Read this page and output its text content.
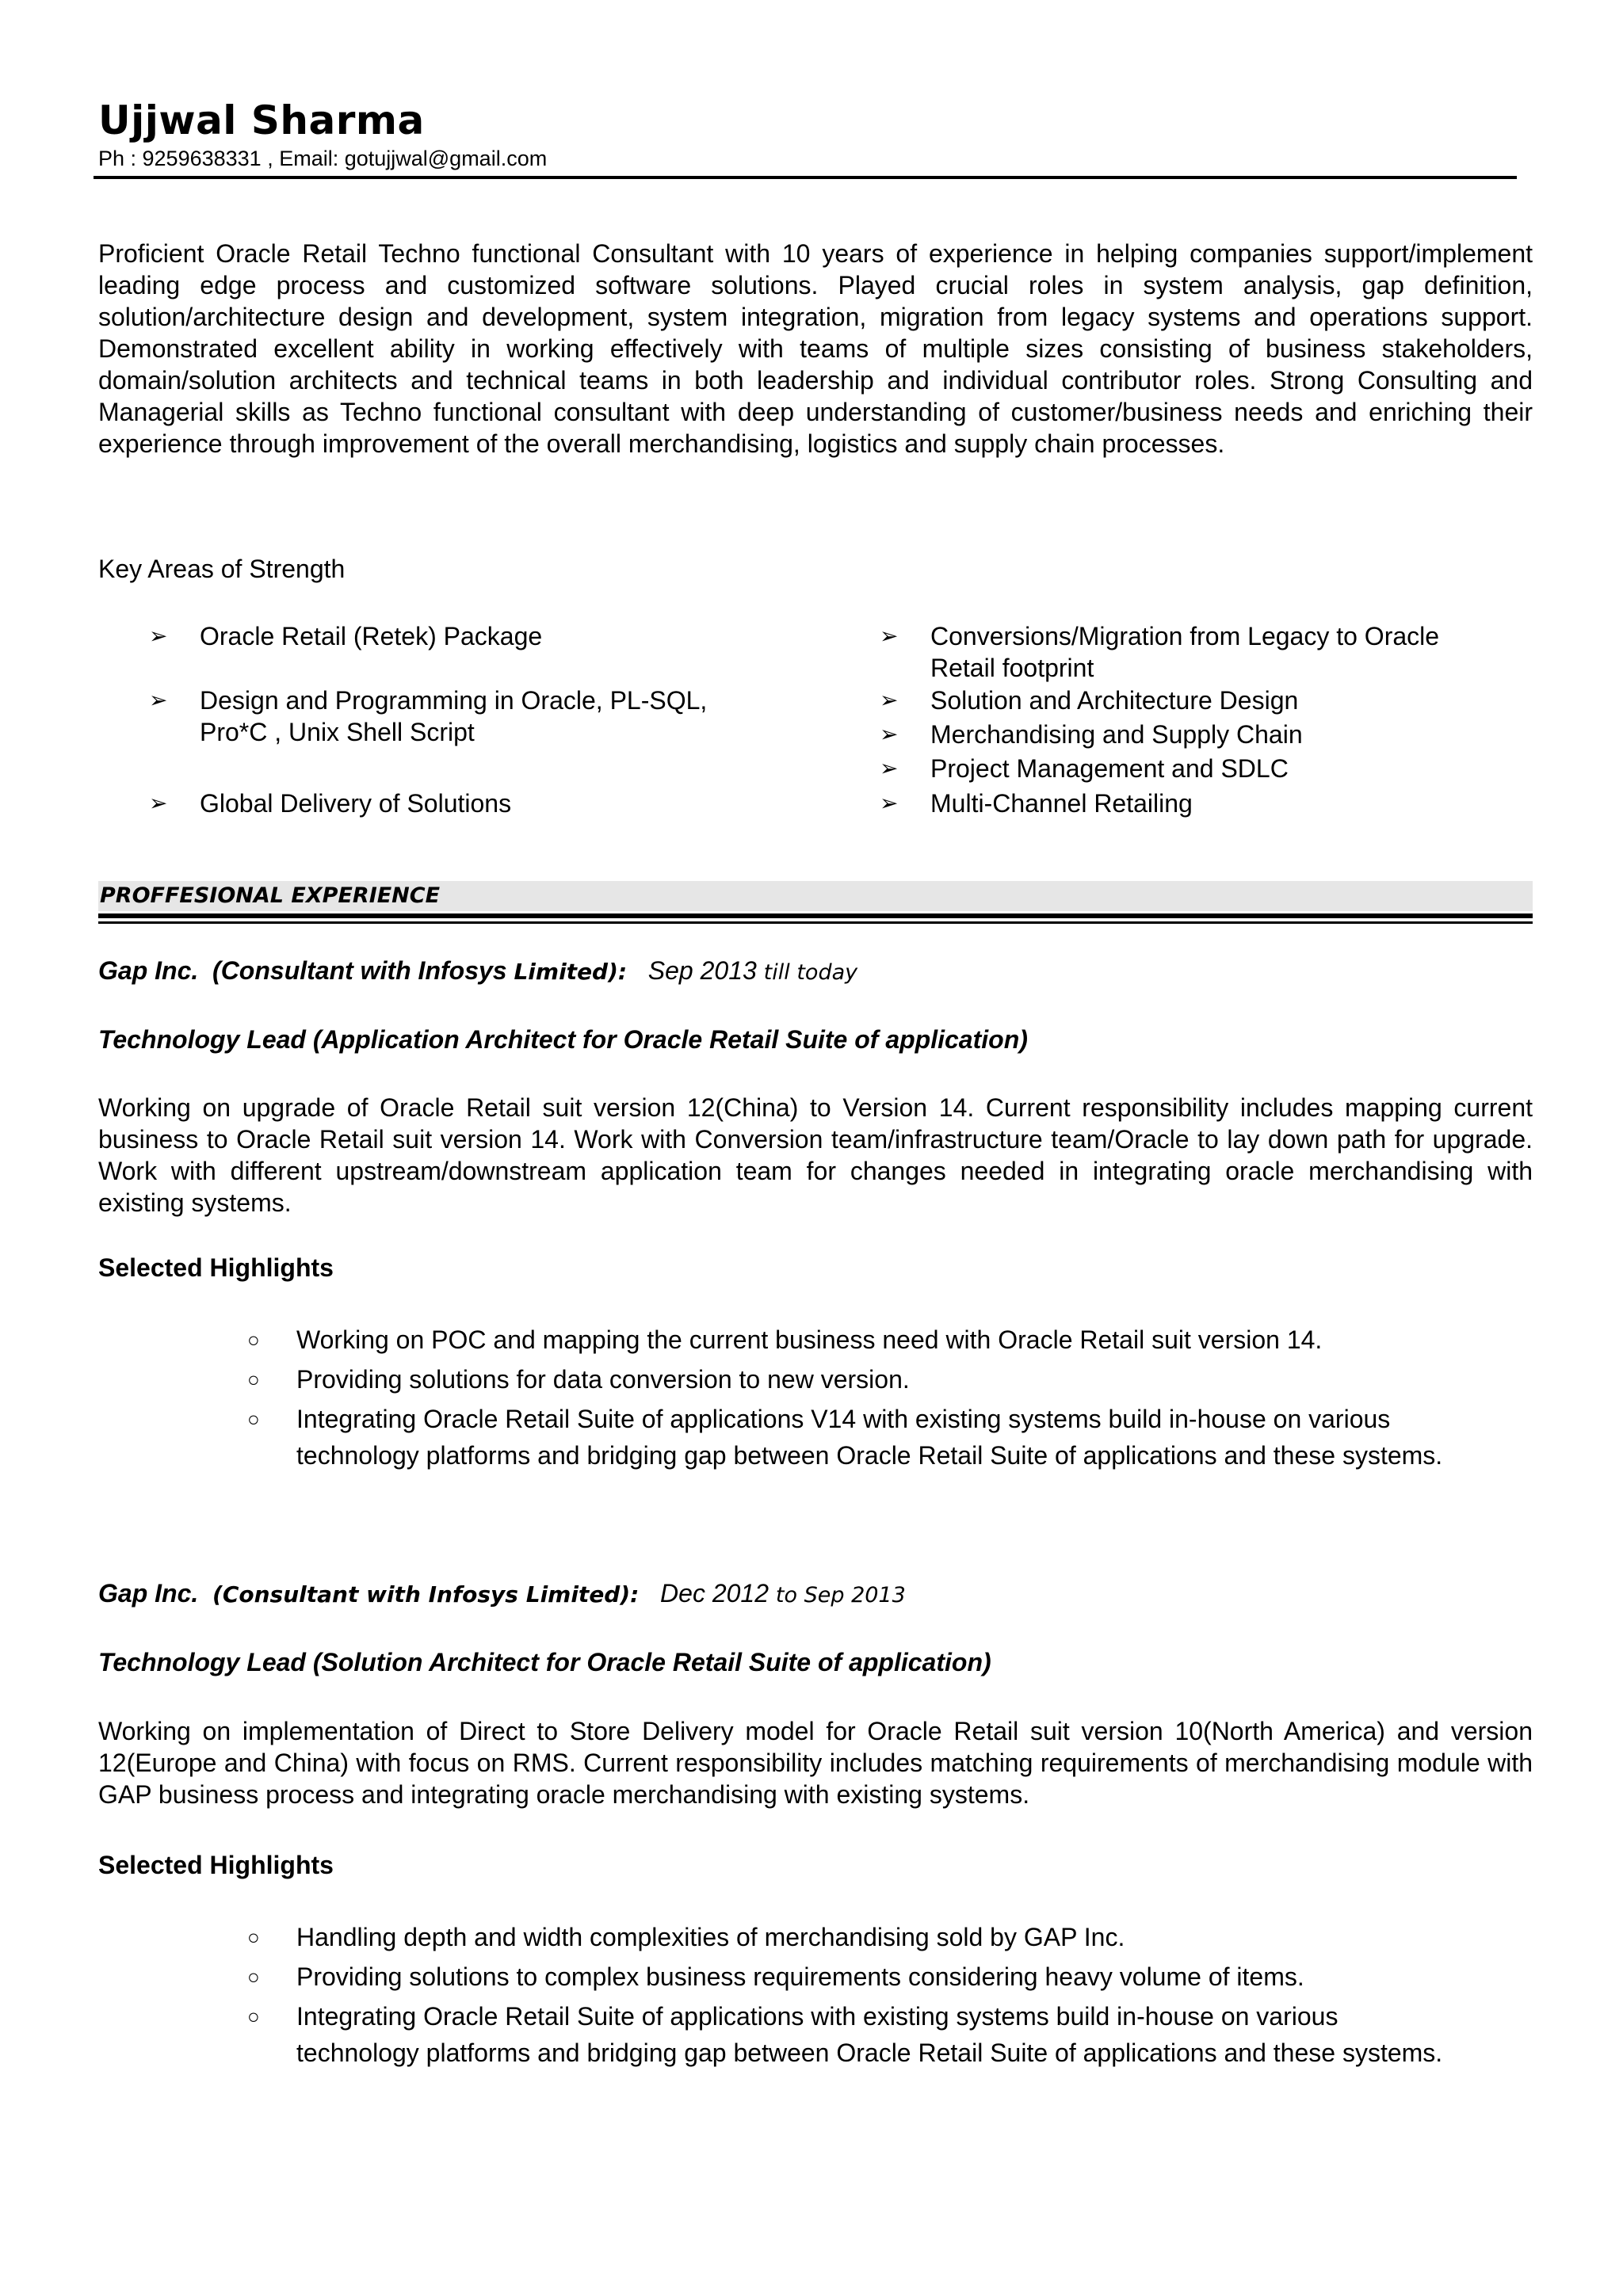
Ujjwal Sharma
Ph : 9259638331 , Email: gotujjwal@gmail.com
Proficient Oracle Retail Techno functional Consultant with 10 years of experience in helping companies support/implement leading edge process and customized software solutions. Played crucial roles in system analysis, gap definition, solution/architecture design and development, system integration, migration from legacy systems and operations support. Demonstrated excellent ability in working effectively with teams of multiple sizes consisting of business stakeholders, domain/solution architects and technical teams in both leadership and individual contributor roles. Strong Consulting and Managerial skills as Techno functional consultant with deep understanding of customer/business needs and enriching their experience through improvement of the overall merchandising, logistics and supply chain processes.
Key Areas of Strength
➢ Oracle Retail (Retek) Package
➢ Design and Programming in Oracle, PL-SQL,
Pro*C , Unix Shell Script
➢ Global Delivery of Solutions
➢ Conversions/Migration from Legacy to Oracle
Retail footprint
➢ Solution and Architecture Design
➢ Merchandising and Supply Chain
➢ Project Management and SDLC
➢ Multi-Channel Retailing
PROFFESIONAL EXPERIENCE
Gap Inc. (Consultant with Infosys Limited): Sep 2013 till today
Technology Lead (Application Architect for Oracle Retail Suite of application)
Working on upgrade of Oracle Retail suit version 12(China) to Version 14. Current responsibility includes mapping current business to Oracle Retail suit version 14. Work with Conversion team/infrastructure team/Oracle to lay down path for upgrade. Work with different upstream/downstream application team for changes needed in integrating oracle merchandising with existing systems.
Selected Highlights
○ Working on POC and mapping the current business need with Oracle Retail suit version 14.
○ Providing solutions for data conversion to new version.
○ Integrating Oracle Retail Suite of applications V14 with existing systems build in-house on various technology platforms and bridging gap between Oracle Retail Suite of applications and these systems.
Gap Inc. (Consultant with Infosys Limited): Dec 2012 to Sep 2013
Technology Lead (Solution Architect for Oracle Retail Suite of application)
Working on implementation of Direct to Store Delivery model for Oracle Retail suit version 10(North America) and version 12(Europe and China) with focus on RMS. Current responsibility includes matching requirements of merchandising module with GAP business process and integrating oracle merchandising with existing systems.
Selected Highlights
○ Handling depth and width complexities of merchandising sold by GAP Inc.
○ Providing solutions to complex business requirements considering heavy volume of items.
○ Integrating Oracle Retail Suite of applications with existing systems build in-house on various technology platforms and bridging gap between Oracle Retail Suite of applications and these systems.
